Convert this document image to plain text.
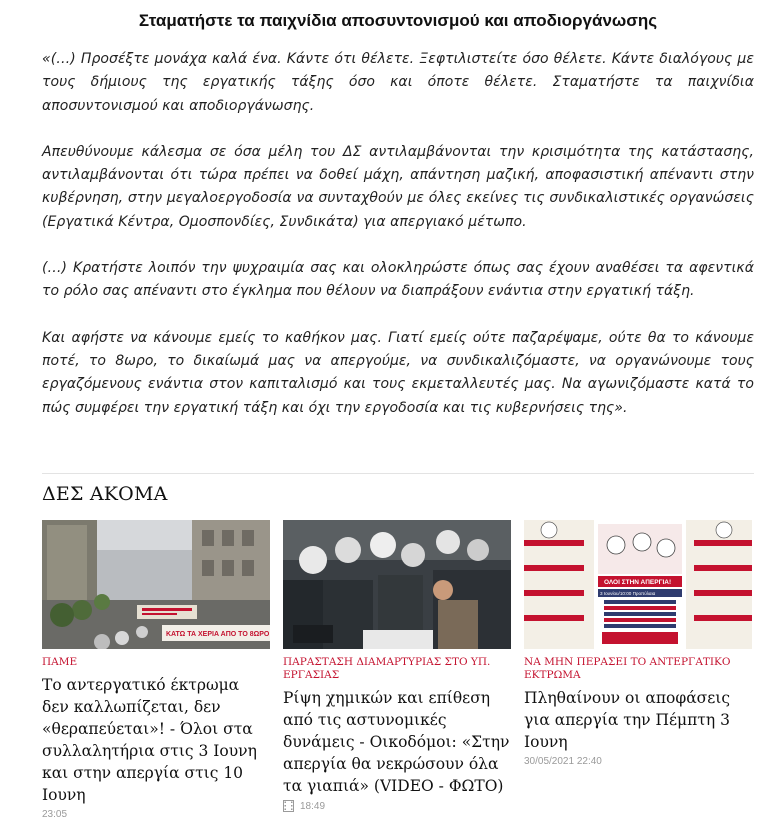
Σταματήστε τα παιχνίδια αποσυντονισμού και αποδιοργάνωσης

«(…) Προσέξτε μονάχα καλά ένα. Κάντε ότι θέλετε. Ξεφτιλιστείτε όσο θέλετε. Κάντε διαλόγους με τους δήμιους της εργατικής τάξης όσο και όποτε θέλετε. Σταματήστε τα παιχνίδια αποσυντονισμού και αποδιοργάνωσης.

Απευθύνουμε κάλεσμα σε όσα μέλη του ΔΣ αντιλαμβάνονται την κρισιμότητα της κατάστασης, αντιλαμβάνονται ότι τώρα πρέπει να δοθεί μάχη, απάντηση μαζική, αποφασιστική απέναντι στην κυβέρνηση, στην μεγαλοεργοδοσία να συνταχθούν με όλες εκείνες τις συνδικαλιστικές οργανώσεις (Εργατικά Κέντρα, Ομοσπονδίες, Συνδικάτα) για απεργιακό μέτωπο.

(…) Κρατήστε λοιπόν την ψυχραιμία σας και ολοκληρώστε όπως σας έχουν αναθέσει τα αφεντικά το ρόλο σας απέναντι στο έγκλημα που θέλουν να διαπράξουν ενάντια στην εργατική τάξη.

Και αφήστε να κάνουμε εμείς το καθήκον μας. Γιατί εμείς ούτε παζαρέψαμε, ούτε θα το κάνουμε ποτέ, το 8ωρο, το δικαίωμά μας να απεργούμε, να συνδικαλιζόμαστε, να οργανώνουμε τους εργαζόμενους ενάντια στον καπιταλισμό και τους εκμεταλλευτές μας. Να αγωνιζόμαστε κατά το πώς συμφέρει την εργατική τάξη και όχι την εργοδοσία και τις κυβερνήσεις της».

ΔΕΣ ΑΚΟΜΑ
ΚΑΤΩ ΤΑ ΧΕΡΙΑ ΑΠΟ ΤΟ 8ΩΡΟ
ΠΑΜΕ
Το αντεργατικό έκτρωμα δεν καλλωπίζεται, δεν «θεραπεύεται»! - Όλοι στα συλλαλητήρια στις 3 Ιουνη και στην απεργία στις 10 Ιουνη
23:05
ΠΑΡΑΣΤΑΣΗ ΔΙΑΜΑΡΤΥΡΙΑΣ ΣΤΟ ΥΠ. ΕΡΓΑΣΙΑΣ
Ρίψη χημικών και επίθεση από τις αστυνομικές δυνάμεις - Οικοδόμοι: «Στην απεργία θα νεκρώσουν όλα τα γιαπιά» (VIDEO - ΦΩΤΟ)
18:49
ΟΛΟΙ ΣΤΗΝ ΑΠΕΡΓΙΑ!
3 Ιουνίου/10:00 Προπύλαια
ΝΑ ΜΗΝ ΠΕΡΑΣΕΙ ΤΟ ΑΝΤΕΡΓΑΤΙΚΟ ΕΚΤΡΩΜΑ
Πληθαίνουν οι αποφάσεις για απεργία την Πέμπτη 3 Ιουνη
30/05/2021 22:40
